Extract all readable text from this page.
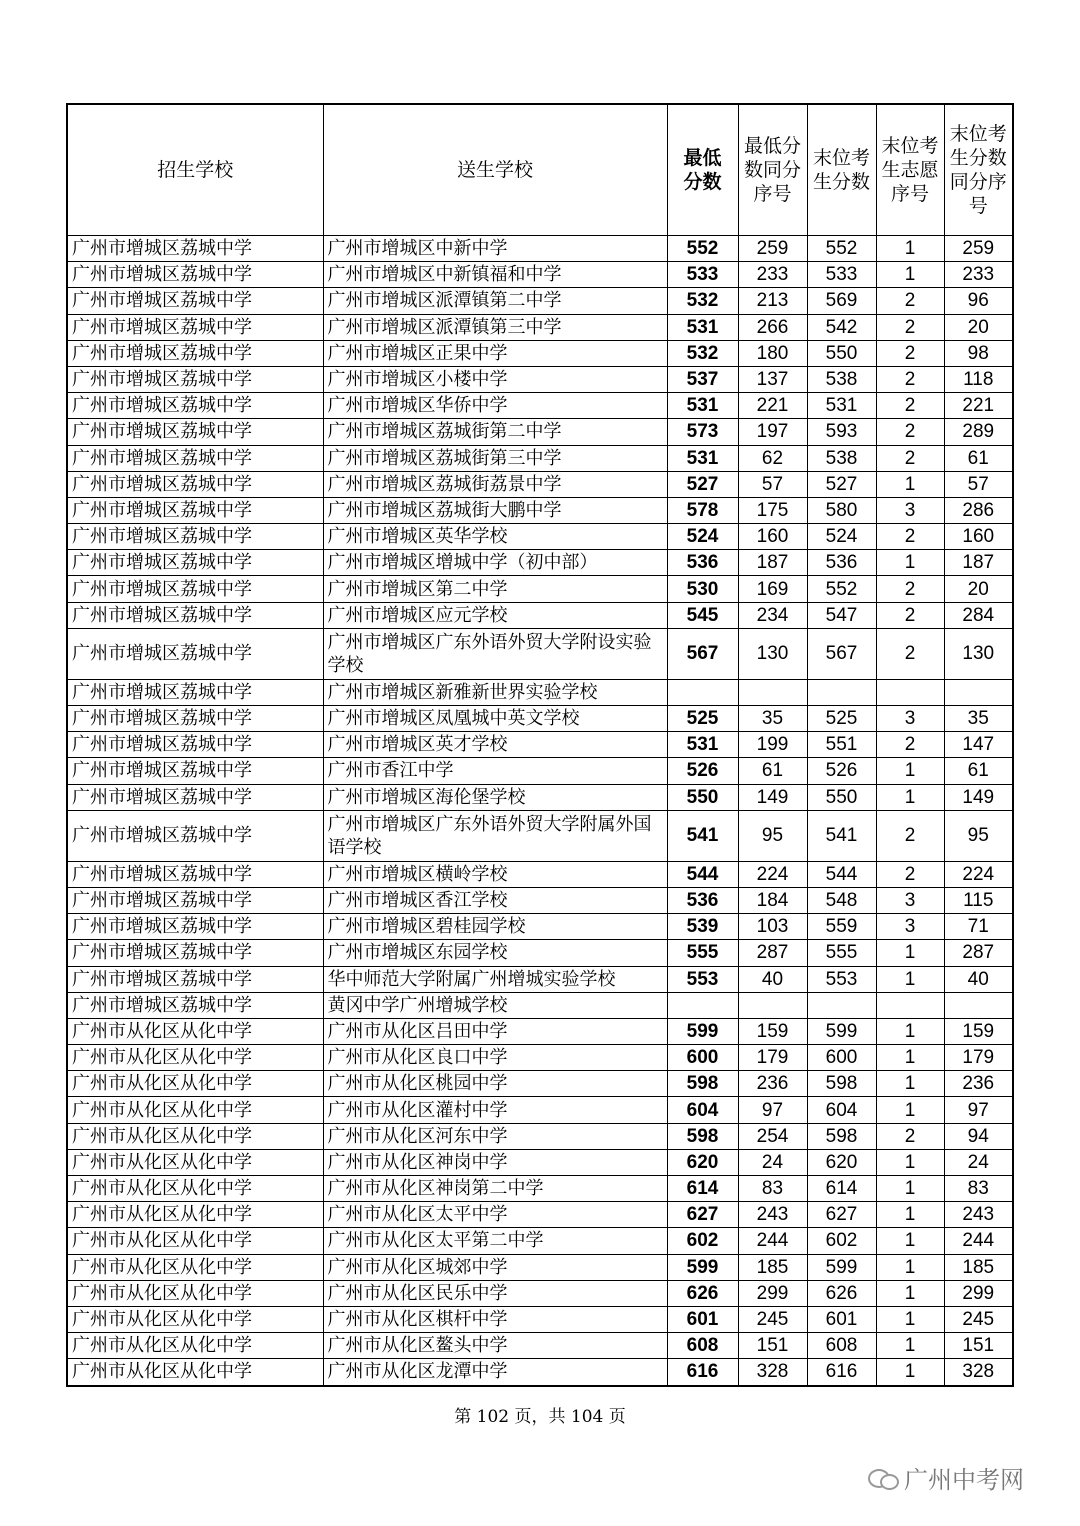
招生学校	送生学校	最低分数	最低分数同分序号	末位考生分数	末位考生志愿序号	末位考生分数同分序号
广州市增城区荔城中学	广州市增城区中新中学	552	259	552	1	259
广州市增城区荔城中学	广州市增城区中新镇福和中学	533	233	533	1	233
广州市增城区荔城中学	广州市增城区派潭镇第二中学	532	213	569	2	96
广州市增城区荔城中学	广州市增城区派潭镇第三中学	531	266	542	2	20
广州市增城区荔城中学	广州市增城区正果中学	532	180	550	2	98
广州市增城区荔城中学	广州市增城区小楼中学	537	137	538	2	118
广州市增城区荔城中学	广州市增城区华侨中学	531	221	531	2	221
广州市增城区荔城中学	广州市增城区荔城街第二中学	573	197	593	2	289
广州市增城区荔城中学	广州市增城区荔城街第三中学	531	62	538	2	61
广州市增城区荔城中学	广州市增城区荔城街荔景中学	527	57	527	1	57
广州市增城区荔城中学	广州市增城区荔城街大鹏中学	578	175	580	3	286
广州市增城区荔城中学	广州市增城区英华学校	524	160	524	2	160
广州市增城区荔城中学	广州市增城区增城中学（初中部）	536	187	536	1	187
广州市增城区荔城中学	广州市增城区第二中学	530	169	552	2	20
广州市增城区荔城中学	广州市增城区应元学校	545	234	547	2	284
广州市增城区荔城中学	广州市增城区广东外语外贸大学附设实验学校	567	130	567	2	130
广州市增城区荔城中学	广州市增城区新雅新世界实验学校					
广州市增城区荔城中学	广州市增城区凤凰城中英文学校	525	35	525	3	35
广州市增城区荔城中学	广州市增城区英才学校	531	199	551	2	147
广州市增城区荔城中学	广州市香江中学	526	61	526	1	61
广州市增城区荔城中学	广州市增城区海伦堡学校	550	149	550	1	149
广州市增城区荔城中学	广州市增城区广东外语外贸大学附属外国语学校	541	95	541	2	95
广州市增城区荔城中学	广州市增城区横岭学校	544	224	544	2	224
广州市增城区荔城中学	广州市增城区香江学校	536	184	548	3	115
广州市增城区荔城中学	广州市增城区碧桂园学校	539	103	559	3	71
广州市增城区荔城中学	广州市增城区东园学校	555	287	555	1	287
广州市增城区荔城中学	华中师范大学附属广州增城实验学校	553	40	553	1	40
广州市增城区荔城中学	黄冈中学广州增城学校					
广州市从化区从化中学	广州市从化区吕田中学	599	159	599	1	159
广州市从化区从化中学	广州市从化区良口中学	600	179	600	1	179
广州市从化区从化中学	广州市从化区桃园中学	598	236	598	1	236
广州市从化区从化中学	广州市从化区灌村中学	604	97	604	1	97
广州市从化区从化中学	广州市从化区河东中学	598	254	598	2	94
广州市从化区从化中学	广州市从化区神岗中学	620	24	620	1	24
广州市从化区从化中学	广州市从化区神岗第二中学	614	83	614	1	83
广州市从化区从化中学	广州市从化区太平中学	627	243	627	1	243
广州市从化区从化中学	广州市从化区太平第二中学	602	244	602	1	244
广州市从化区从化中学	广州市从化区城郊中学	599	185	599	1	185
广州市从化区从化中学	广州市从化区民乐中学	626	299	626	1	299
广州市从化区从化中学	广州市从化区棋杆中学	601	245	601	1	245
广州市从化区从化中学	广州市从化区鳌头中学	608	151	608	1	151
广州市从化区从化中学	广州市从化区龙潭中学	616	328	616	1	328
第 102 页，共 104 页
广州中考网
